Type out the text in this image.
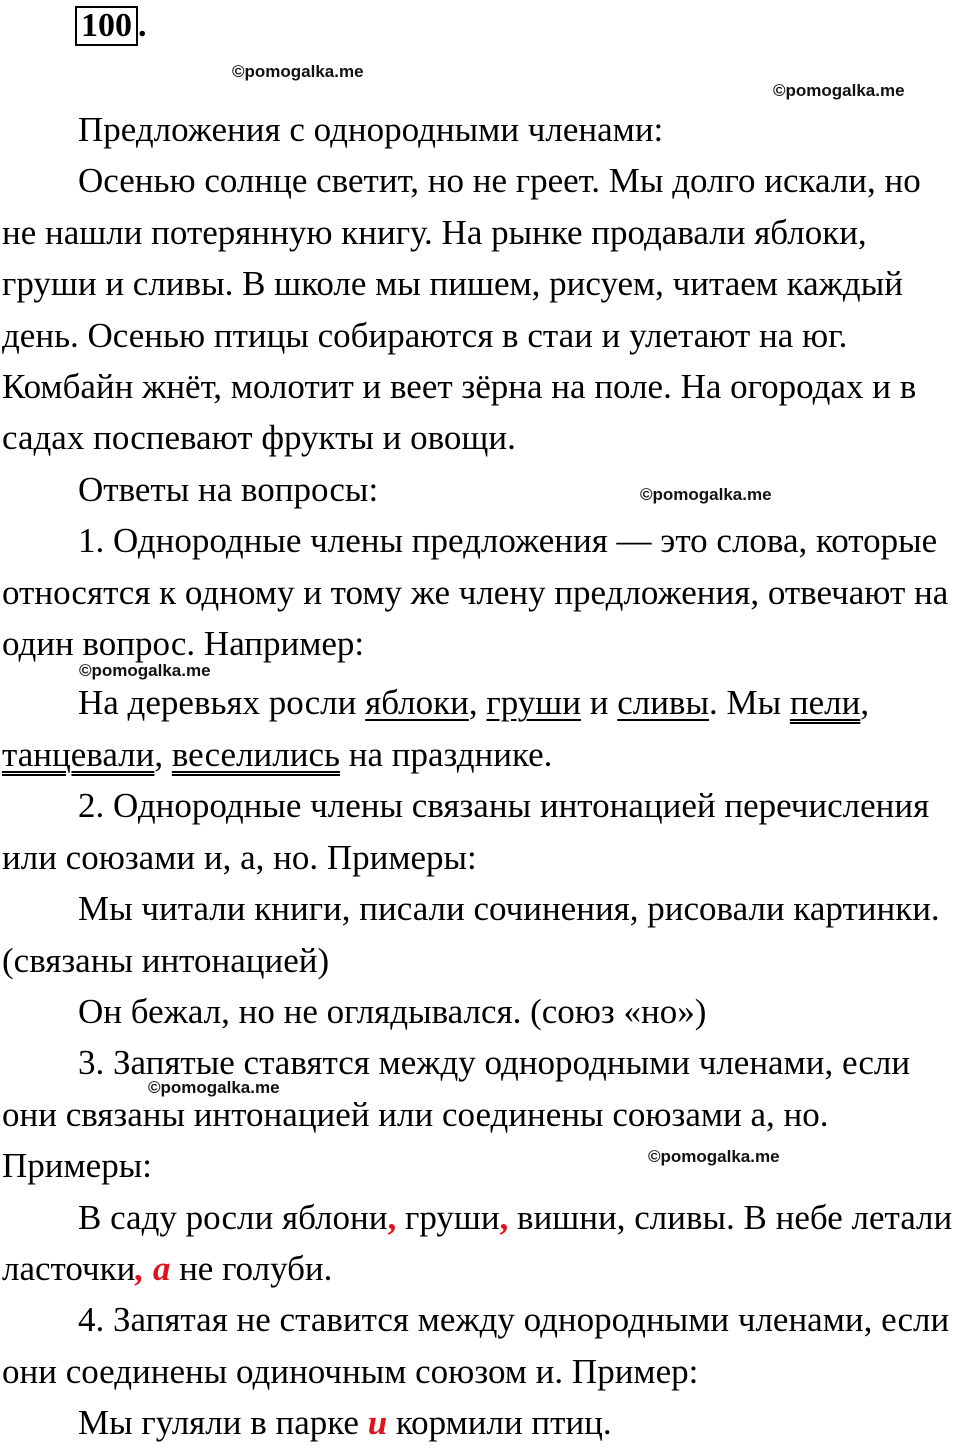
100 .
©pomogalka.me
©pomogalka.me
©pomogalka.me
©pomogalka.me
©pomogalka.me
©pomogalka.me

Предложения с однородными членами:

Осенью солнце светит, но не греет. Мы долго искали, но не нашли потерянную книгу. На рынке продавали яблоки, груши и сливы. В школе мы пишем, рисуем, читаем каждый день. Осенью птицы собираются в стаи и улетают на юг. Комбайн жнёт, молотит и веет зёрна на поле. На огородах и в садах поспевают фрукты и овощи.

Ответы на вопросы:

1. Однородные члены предложения — это слова, которые относятся к одному и тому же члену предложения, отвечают на один вопрос. Например:

На деревьях росли яблоки, груши и сливы. Мы пели, танцевали, веселились на празднике.

2. Однородные члены связаны интонацией перечисления или союзами и, а, но. Примеры:

Мы читали книги, писали сочинения, рисовали картинки. (связаны интонацией)

Он бежал, но не оглядывался. (союз «но»)

3. Запятые ставятся между однородными членами, если они связаны интонацией или соединены союзами а, но. Примеры:

В саду росли яблони, груши, вишни, сливы. В небе летали ласточки, а не голуби.

4. Запятая не ставится между однородными членами, если они соединены одиночным союзом и. Пример:

Мы гуляли в парке и кормили птиц.
